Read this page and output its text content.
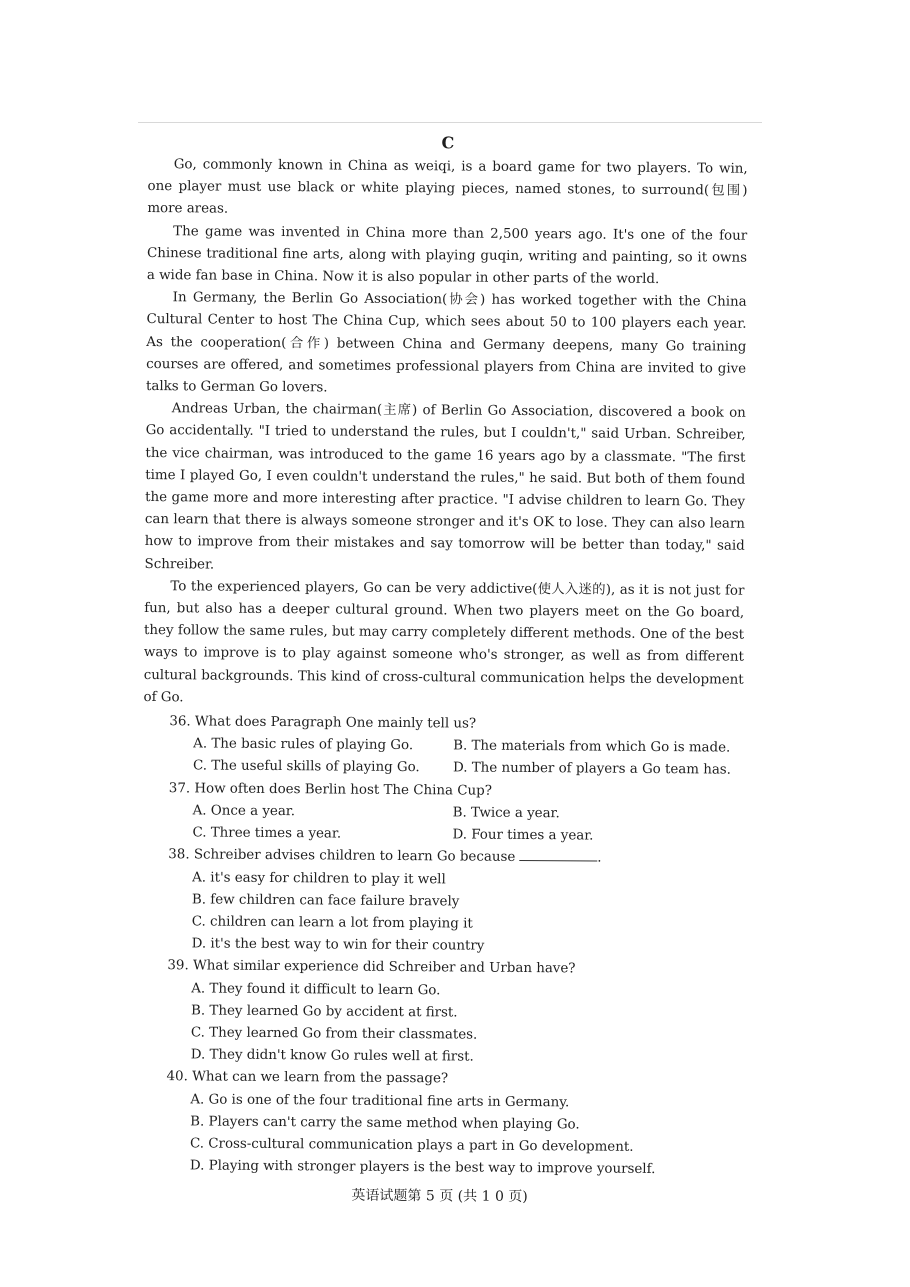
C

Go, commonly known in China as weiqi, is a board game for two players. To win, one player must use black or white playing pieces, named stones, to surround(包围) more areas.

The game was invented in China more than 2,500 years ago. It's one of the four Chinese traditional fine arts, along with playing guqin, writing and painting, so it owns a wide fan base in China. Now it is also popular in other parts of the world.

In Germany, the Berlin Go Association(协会) has worked together with the China Cultural Center to host The China Cup, which sees about 50 to 100 players each year. As the cooperation(合作) between China and Germany deepens, many Go training courses are offered, and sometimes professional players from China are invited to give talks to German Go lovers.

Andreas Urban, the chairman(主席) of Berlin Go Association, discovered a book on Go accidentally. "I tried to understand the rules, but I couldn't," said Urban. Schreiber, the vice chairman, was introduced to the game 16 years ago by a classmate. "The first time I played Go, I even couldn't understand the rules," he said. But both of them found the game more and more interesting after practice. "I advise children to learn Go. They can learn that there is always someone stronger and it's OK to lose. They can also learn how to improve from their mistakes and say tomorrow will be better than today," said Schreiber.

To the experienced players, Go can be very addictive(使人入迷的), as it is not just for fun, but also has a deeper cultural ground. When two players meet on the Go board, they follow the same rules, but may carry completely different methods. One of the best ways to improve is to play against someone who's stronger, as well as from different cultural backgrounds. This kind of cross-cultural communication helps the development of Go.

36. What does Paragraph One mainly tell us?
A. The basic rules of playing Go.	B. The materials from which Go is made.
C. The useful skills of playing Go.	D. The number of players a Go team has.
37. How often does Berlin host The China Cup?
A. Once a year.	B. Twice a year.
C. Three times a year.	D. Four times a year.
38. Schreiber advises children to learn Go because	.
A. it's easy for children to play it well
B. few children can face failure bravely
C. children can learn a lot from playing it
D. it's the best way to win for their country
39. What similar experience did Schreiber and Urban have?
A. They found it difficult to learn Go.
B. They learned Go by accident at first.
C. They learned Go from their classmates.
D. They didn't know Go rules well at first.
40. What can we learn from the passage?
A. Go is one of the four traditional fine arts in Germany.
B. Players can't carry the same method when playing Go.
C. Cross-cultural communication plays a part in Go development.
D. Playing with stronger players is the best way to improve yourself.
英语试题第 5 页 (共 1 0 页)
